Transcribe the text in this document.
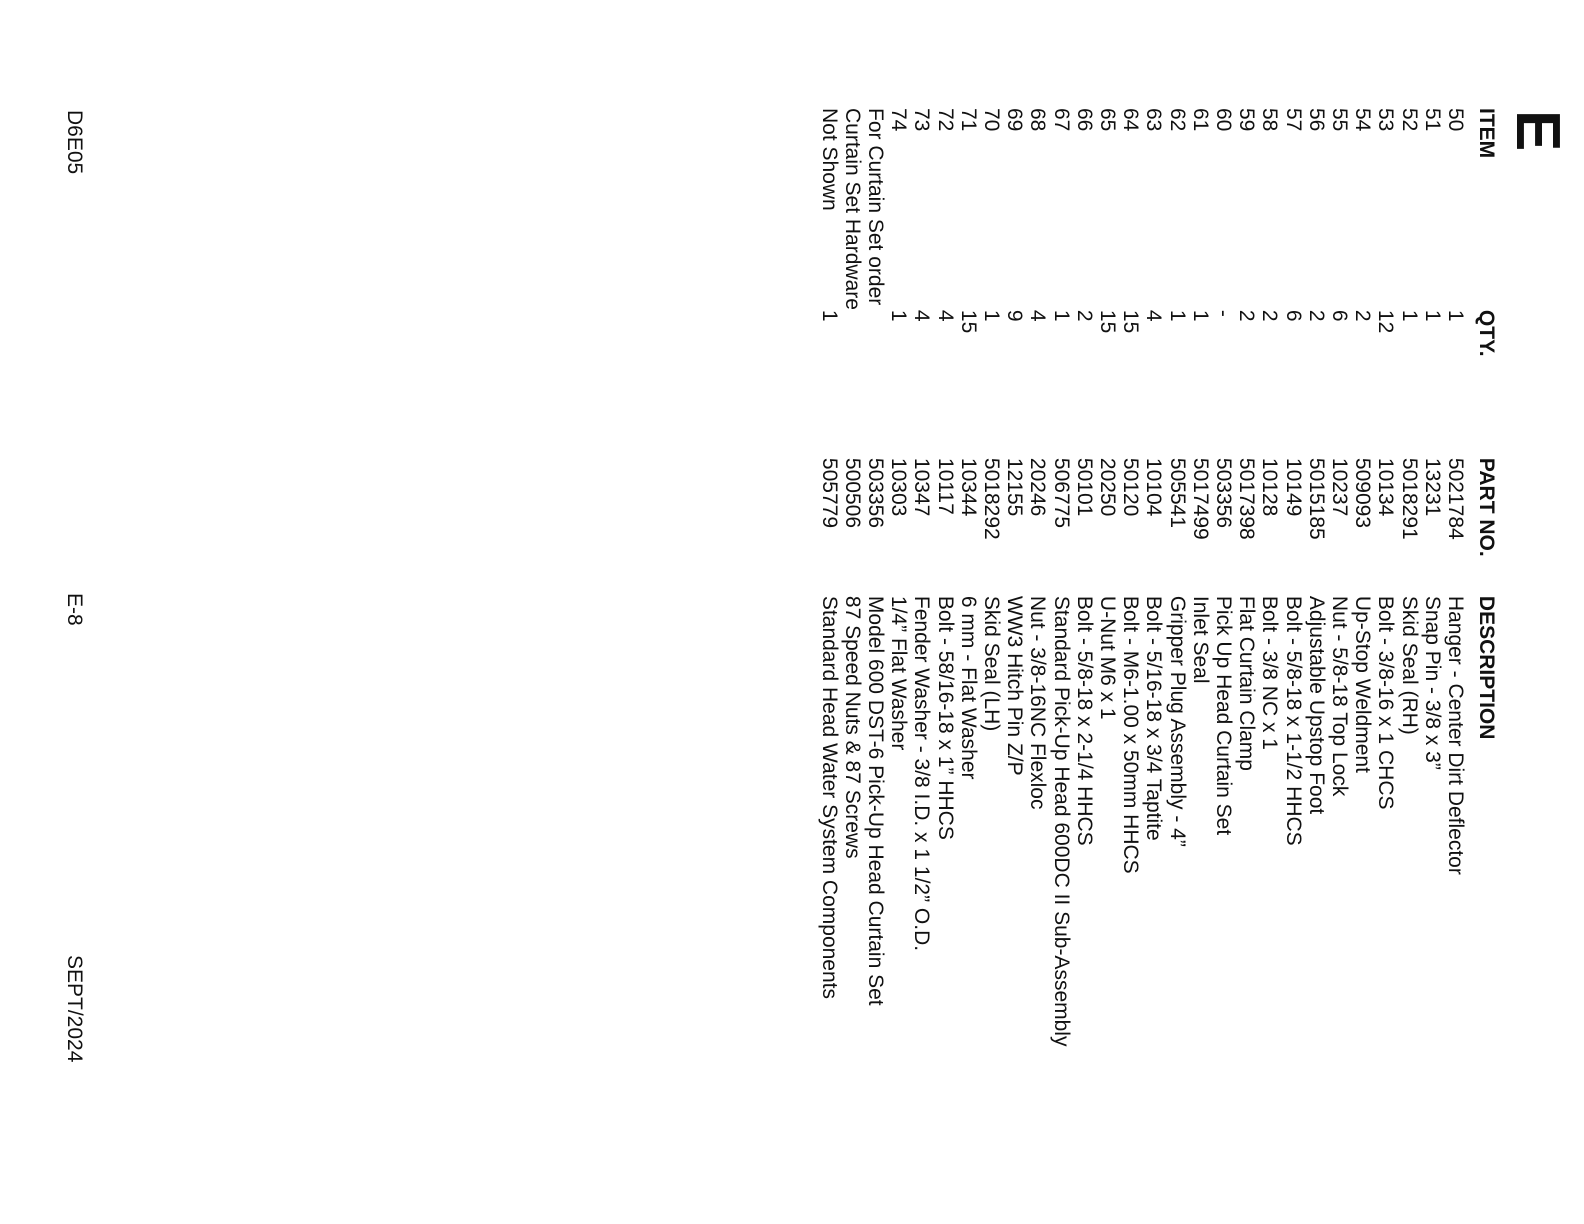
E
ITEM	QTY.	PART NO.	DESCRIPTION
50	1	5021784	Hanger - Center Dirt Deflector
51	1	13231	Snap Pin - 3/8 x 3”
52	1	5018291	Skid Seal (RH)
53	12	10134	Bolt - 3/8-16 x 1 CHCS
54	2	509093	Up-Stop Weldment
55	6	10237	Nut - 5/8-18 Top Lock
56	2	5015185	Adjustable Upstop Foot
57	6	10149	Bolt - 5/8-18 x 1-1/2 HHCS
58	2	10128	Bolt - 3/8 NC x 1
59	2	5017398	Flat Curtain Clamp
60	-	503356	Pick Up Head Curtain Set
61	1	5017499	Inlet Seal
62	1	505541	Gripper Plug Assembly - 4”
63	4	10104	Bolt - 5/16-18 x 3/4 Taptite
64	15	50120	Bolt - M6-1.00 x 50mm HHCS
65	15	20250	U-Nut M6 x 1
66	2	50101	Bolt - 5/8-18 x 2-1/4 HHCS
67	1	506775	Standard Pick-Up Head 600DC II Sub-Assembly
68	4	20246	Nut - 3/8-16NC Flexloc
69	9	12155	WW3 Hitch Pin Z/P
70	1	5018292	Skid Seal (LH)
71	15	10344	6 mm - Flat Washer
72	4	10117	Bolt - 58/16-18 x 1” HHCS
73	4	10347	Fender Washer - 3/8 I.D. x 1 1/2” O.D.
74	1	10303	1/4” Flat Washer
For Curtain Set order		503356	Model 600 DST-6 Pick-Up Head Curtain Set
Curtain Set Hardware		500506	87 Speed Nuts & 87 Screws
Not Shown	1	505779	Standard Head Water System Components

D6E05

E-8

SEPT/2024
